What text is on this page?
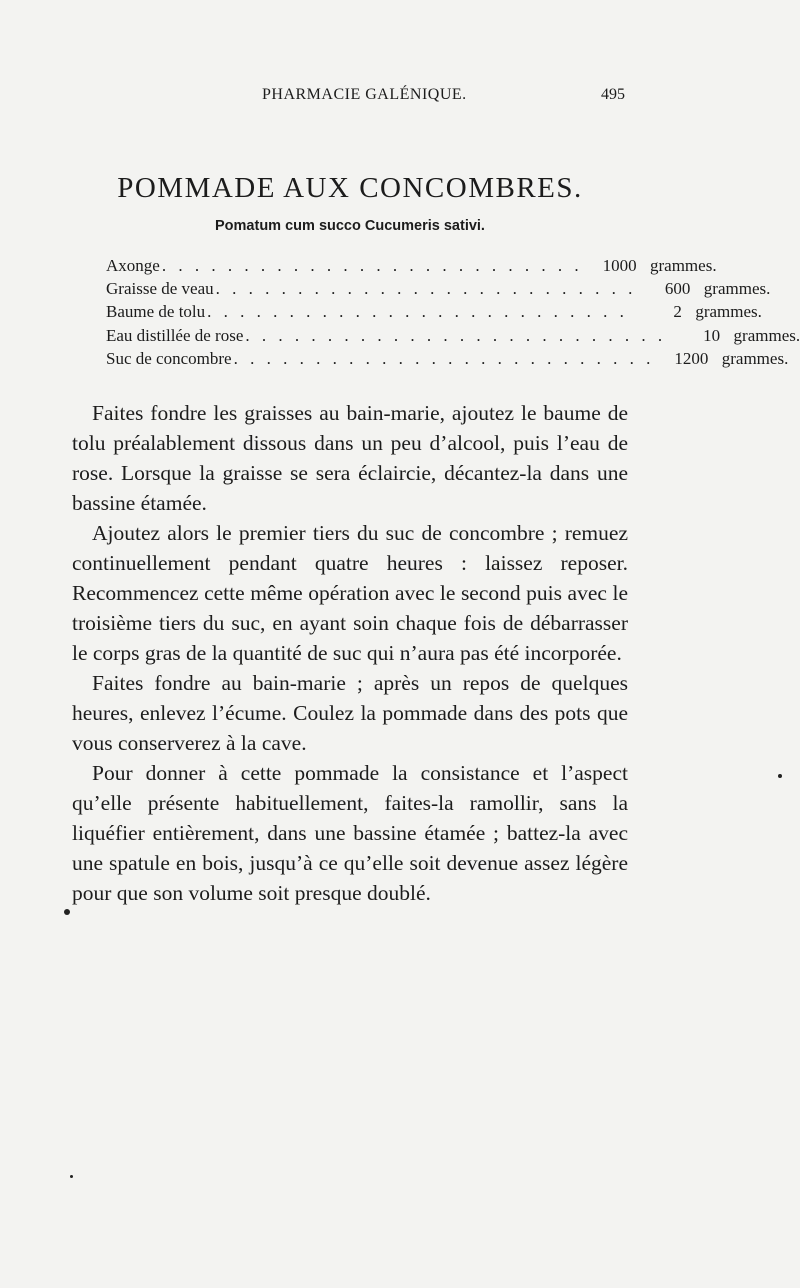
PHARMACIE GALÉNIQUE.	495
POMMADE AUX CONCOMBRES.
Pomatum cum succo Cucumeris sativi.
Axonge . . . . . . . . . . . . . . . . . . . . . . . . . .	1000 grammes.
Graisse de veau . . . . . . . . . . . . . . . . . . . . . . . . . .	600 grammes.
Baume de tolu . . . . . . . . . . . . . . . . . . . . . . . . . .	2 grammes.
Eau distillée de rose . . . . . . . . . . . . . . . . . . . . . . . . . .	10 grammes.
Suc de concombre . . . . . . . . . . . . . . . . . . . . . . . . . .	1200 grammes.

Faites fondre les graisses au bain-marie, ajoutez le baume de tolu préalablement dissous dans un peu d’alcool, puis l’eau de rose. Lorsque la graisse se sera éclaircie, décantez-la dans une bassine étamée.

Ajoutez alors le premier tiers du suc de concombre ; remuez continuellement pendant quatre heures : laissez reposer. Recommencez cette même opération avec le second puis avec le troisième tiers du suc, en ayant soin chaque fois de débarrasser le corps gras de la quantité de suc qui n’aura pas été incorporée.

Faites fondre au bain-marie ; après un repos de quelques heures, enlevez l’écume. Coulez la pommade dans des pots que vous conserverez à la cave.

Pour donner à cette pommade la consistance et l’aspect qu’elle présente habituellement, faites-la ramollir, sans la liquéfier entièrement, dans une bassine étamée ; battez-la avec une spatule en bois, jusqu’à ce qu’elle soit devenue assez légère pour que son volume soit presque doublé.
